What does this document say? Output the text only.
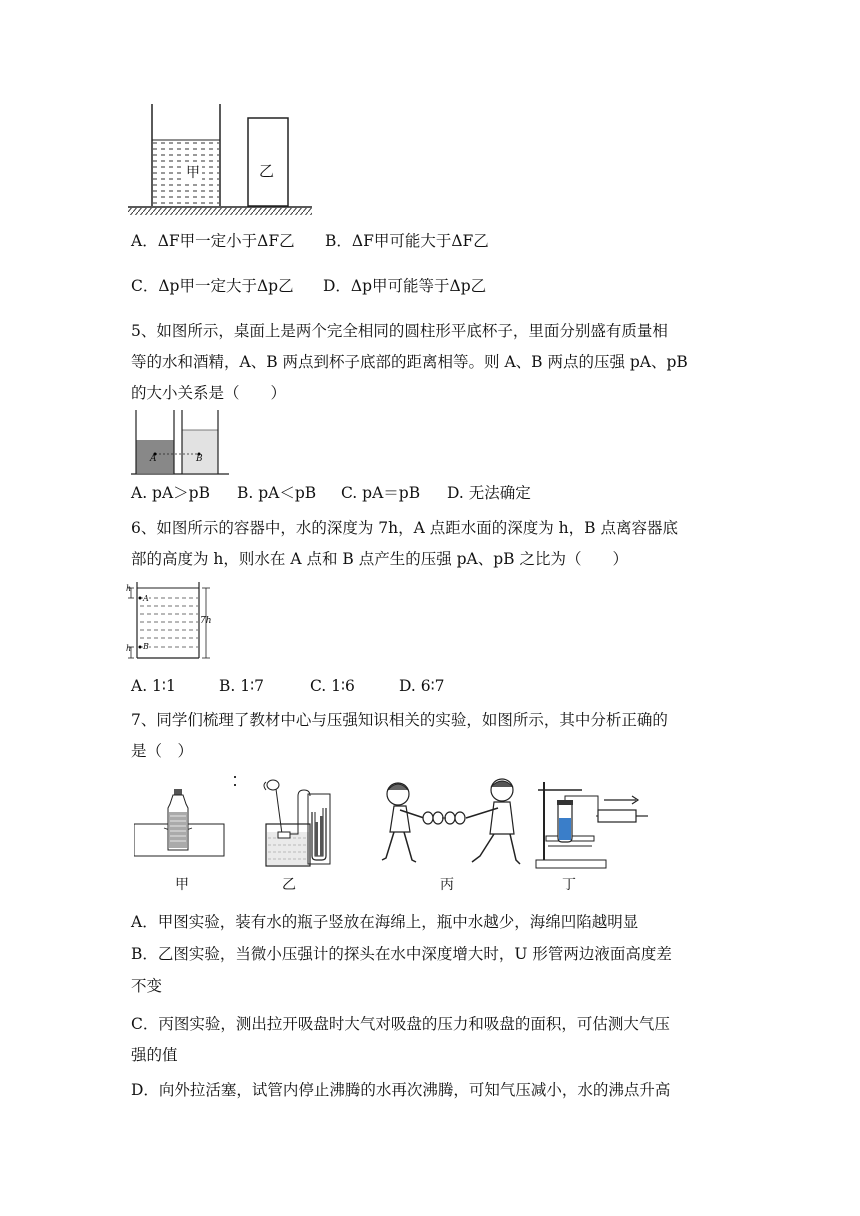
甲	乙
A．ΔF甲一定小于ΔF乙 B．ΔF甲可能大于ΔF乙
C．Δp甲一定大于Δp乙 D．Δp甲可能等于Δp乙
5、如图所示，桌面上是两个完全相同的圆柱形平底杯子，里面分别盛有质量相
等的水和酒精，A、B 两点到杯子底部的距离相等。则 A、B 两点的压强 pA、pB
的大小关系是（　　）
A	B
A. pA＞pB B. pA＜pB C. pA＝pB D. 无法确定
6、如图所示的容器中，水的深度为 7h，A 点距水面的深度为 h，B 点离容器底
部的高度为 h，则水在 A 点和 B 点产生的压强 pA、pB 之比为（　　）
h
h
7h
A
B
A. 1∶1	B. 1∶7	C. 1∶6	D. 6∶7
7、同学们梳理了教材中心与压强知识相关的实验，如图所示，其中分析正确的
是（　）
甲	乙	丙	丁
A．甲图实验，装有水的瓶子竖放在海绵上，瓶中水越少，海绵凹陷越明显
B．乙图实验，当微小压强计的探头在水中深度增大时，U 形管两边液面高度差
不变
C．丙图实验，测出拉开吸盘时大气对吸盘的压力和吸盘的面积，可估测大气压
强的值
D．向外拉活塞，试管内停止沸腾的水再次沸腾，可知气压减小，水的沸点升高
